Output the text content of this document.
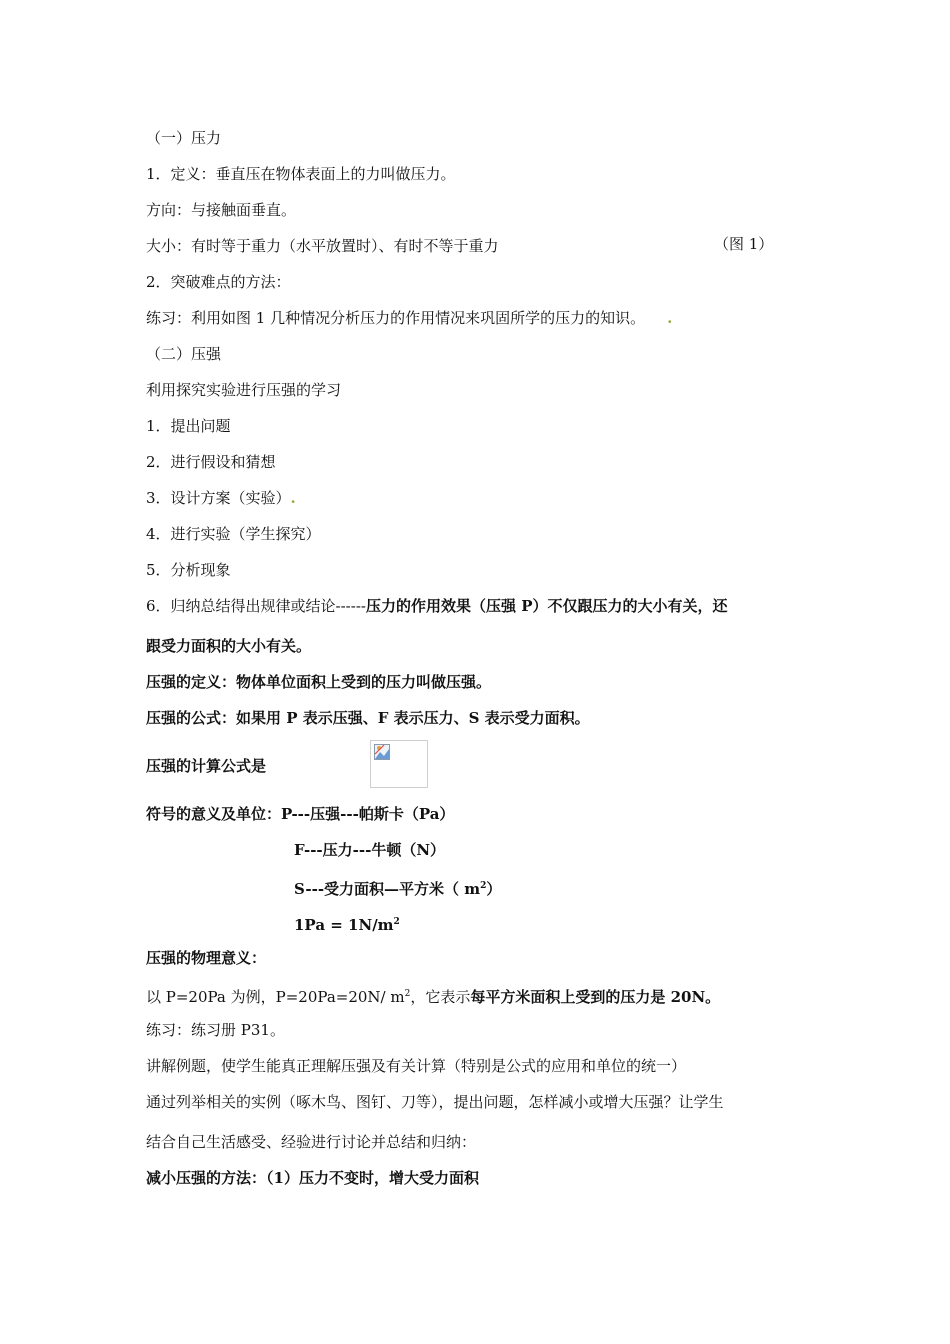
（一）压力
1．定义：垂直压在物体表面上的力叫做压力。
方向：与接触面垂直。
大小：有时等于重力（水平放置时）、有时不等于重力	（图 1）
2．突破难点的方法：
练习：利用如图 1 几种情况分析压力的作用情况来巩固所学的压力的知识。 .
（二）压强
利用探究实验进行压强的学习
1．提出问题
2．进行假设和猜想
3．设计方案（实验）.
4．进行实验（学生探究）
5．分析现象
6．归纳总结得出规律或结论------压力的作用效果（压强 P）不仅跟压力的大小有关，还
跟受力面积的大小有关。
压强的定义：物体单位面积上受到的压力叫做压强。
压强的公式：如果用 P 表示压强、F 表示压力、S 表示受力面积。
压强的计算公式是
符号的意义及单位：P---压强---帕斯卡（Pa）
F---压力---牛顿（N）
S---受力面积—平方米（ $m^2$）
$1Pa = 1N/m^2$
压强的物理意义：
以 P=20Pa 为例，P=20Pa=20N/ $m^2$，它表示每平方米面积上受到的压力是 20N。
练习：练习册 P31。
讲解例题，使学生能真正理解压强及有关计算（特别是公式的应用和单位的统一）
通过列举相关的实例（啄木鸟、图钉、刀等），提出问题，怎样减小或增大压强？让学生
结合自己生活感受、经验进行讨论并总结和归纳：
减小压强的方法：（1）压力不变时，增大受力面积
